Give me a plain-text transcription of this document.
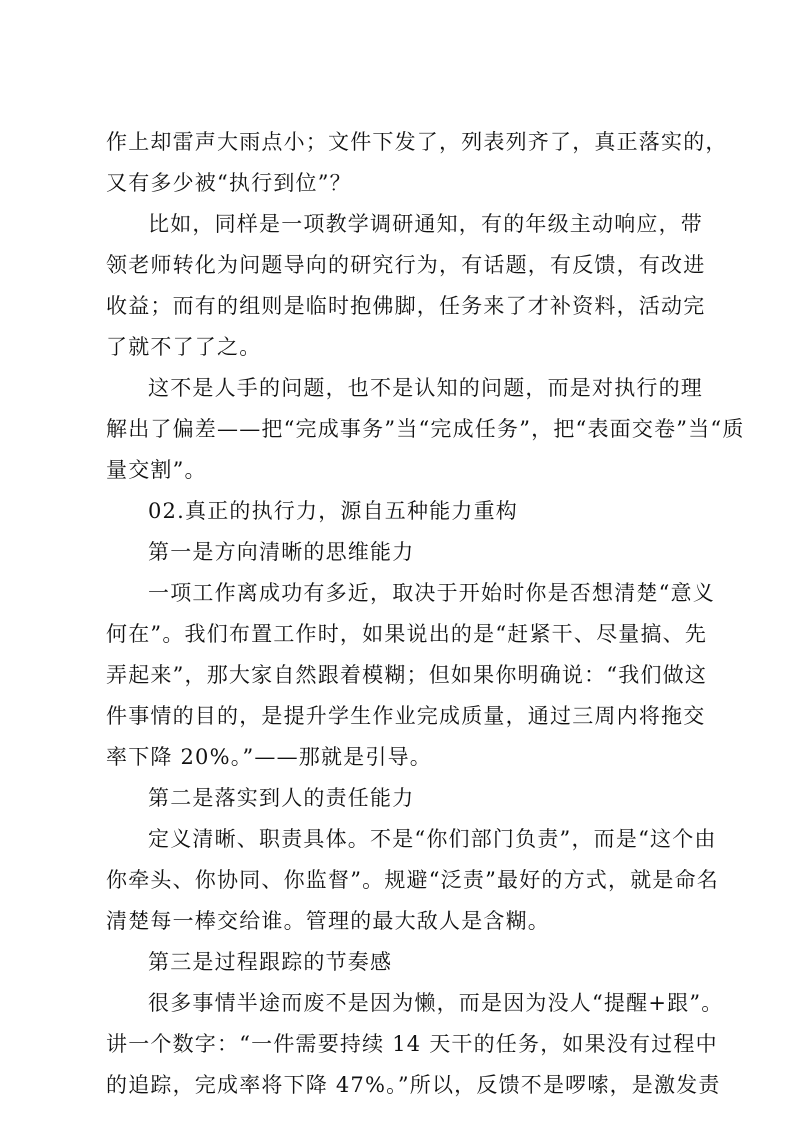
作上却雷声大雨点小；文件下发了，列表列齐了，真正落实的，
又有多少被“执行到位”？
比如，同样是一项教学调研通知，有的年级主动响应，带
领老师转化为问题导向的研究行为，有话题，有反馈，有改进
收益；而有的组则是临时抱佛脚，任务来了才补资料，活动完
了就不了了之。
这不是人手的问题，也不是认知的问题，而是对执行的理
解出了偏差——把“完成事务”当“完成任务”，把“表面交卷”当“质
量交割”。
02.真正的执行力，源自五种能力重构
第一是方向清晰的思维能力
一项工作离成功有多近，取决于开始时你是否想清楚“意义
何在”。我们布置工作时，如果说出的是“赶紧干、尽量搞、先
弄起来”，那大家自然跟着模糊；但如果你明确说：“我们做这
件事情的目的，是提升学生作业完成质量，通过三周内将拖交
率下降 20%。”——那就是引导。
第二是落实到人的责任能力
定义清晰、职责具体。不是“你们部门负责”，而是“这个由
你牵头、你协同、你监督”。规避“泛责”最好的方式，就是命名
清楚每一棒交给谁。管理的最大敌人是含糊。
第三是过程跟踪的节奏感
很多事情半途而废不是因为懒，而是因为没人“提醒+跟”。
讲一个数字：“一件需要持续 14 天干的任务，如果没有过程中
的追踪，完成率将下降 47%。”所以，反馈不是啰嗦，是激发责
